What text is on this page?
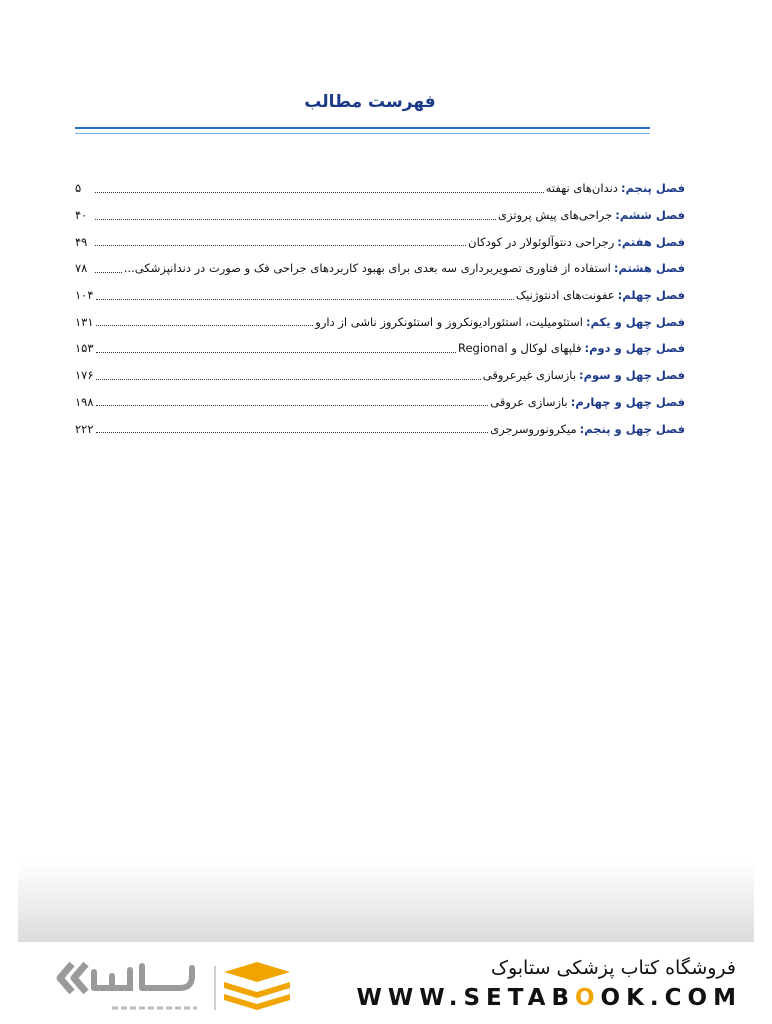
فهرست مطالب
فصل پنجم:
دندان‌های نهفته
۵
فصل ششم:
جراحی‌های پیش پروتزی
۴۰
فصل هفتم:
رجراحی دنتوآلوئولار در کودکان
۴۹
فصل هشتم:
استفاده از فناوری تصویربرداری سه بعدی برای بهبود کاربردهای جراحی فک و صورت در دندانپزشکی...
۷۸
فصل چهلم:
عفونت‌های ادنتوژنیک
۱۰۴
فصل چهل و یکم:
استئومیلیت، استئورادیونکروز و استئونکروز ناشی از دارو
۱۳۱
فصل چهل و دوم:
فلپهای لوکال و Regional
۱۵۳
فصل چهل و سوم:
بازسازی غیرعروقی
۱۷۶
فصل چهل و چهارم:
بازسازی عروقی
۱۹۸
فصل چهل و پنجم:
میکرونوروسرجری
۲۲۲
فروشگاه کتاب پزشکی ستابوک
WWW.SETABOOK.COM
